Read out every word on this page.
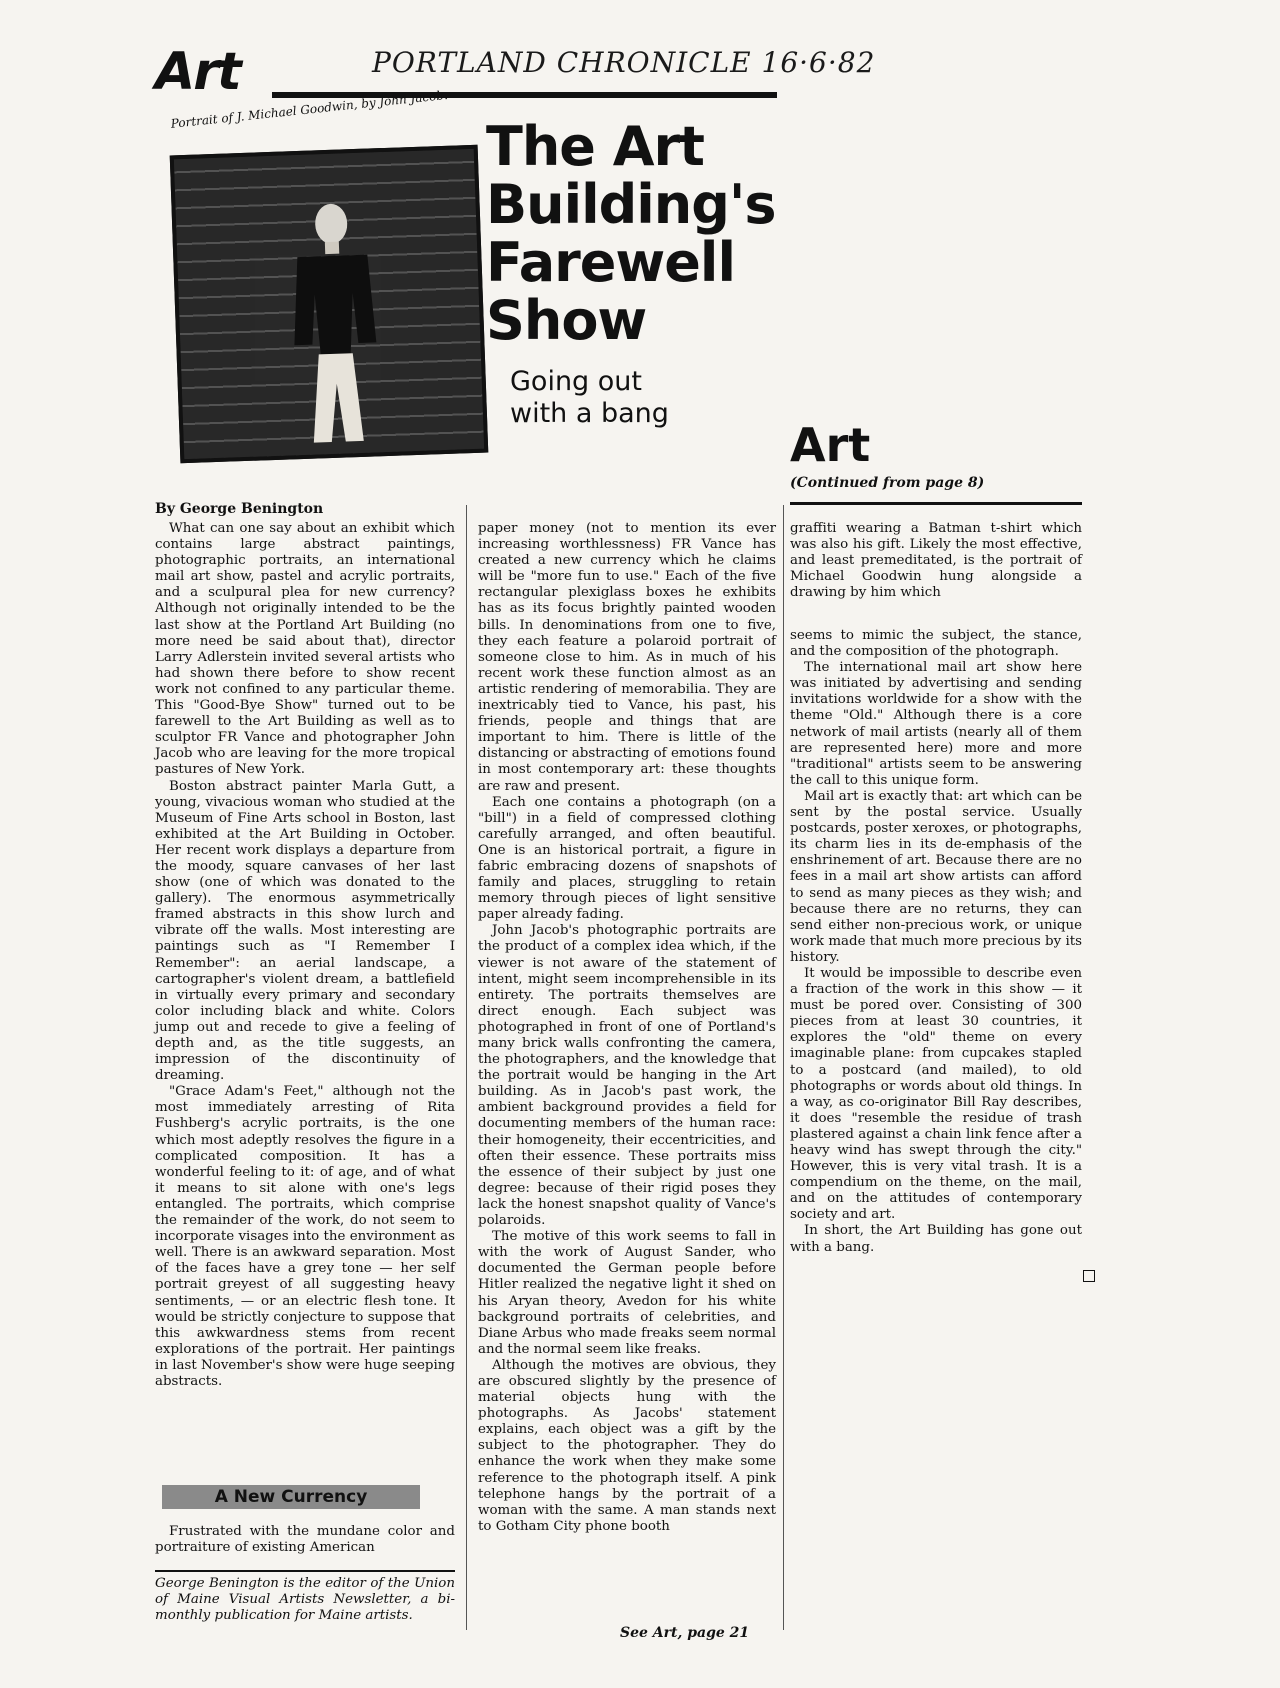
Art	PORTLAND CHRONICLE 16·6·82
Portrait of J. Michael Goodwin, by John Jacob.
The Art
Building's
Farewell
Show
Going out
with a bang
Art
(Continued from page 8)
By George Benington

What can one say about an exhibit which contains large abstract paintings, photographic portraits, an international mail art show, pastel and acrylic portraits, and a sculpural plea for new currency? Although not originally intended to be the last show at the Portland Art Building (no more need be said about that), director Larry Adlerstein invited several artists who had shown there before to show recent work not confined to any particular theme. This "Good-Bye Show" turned out to be farewell to the Art Building as well as to sculptor FR Vance and photographer John Jacob who are leaving for the more tropical pastures of New York.

Boston abstract painter Marla Gutt, a young, vivacious woman who studied at the Museum of Fine Arts school in Boston, last exhibited at the Art Building in October. Her recent work displays a departure from the moody, square canvases of her last show (one of which was donated to the gallery). The enormous asymmetrically framed abstracts in this show lurch and vibrate off the walls. Most interesting are paintings such as "I Remember I Remember": an aerial landscape, a cartographer's violent dream, a battlefield in virtually every primary and secondary color including black and white. Colors jump out and recede to give a feeling of depth and, as the title suggests, an impression of the discontinuity of dreaming.

"Grace Adam's Feet," although not the most immediately arresting of Rita Fushberg's acrylic portraits, is the one which most adeptly resolves the figure in a complicated composition. It has a wonderful feeling to it: of age, and of what it means to sit alone with one's legs entangled. The portraits, which comprise the remainder of the work, do not seem to incorporate visages into the environment as well. There is an awkward separation. Most of the faces have a grey tone — her self portrait greyest of all suggesting heavy sentiments, — or an electric flesh tone. It would be strictly conjecture to suppose that this awkwardness stems from recent explorations of the portrait. Her paintings in last November's show were huge seeping abstracts.

A New Currency

Frustrated with the mundane color and portraiture of existing American

George Benington is the editor of the Union of Maine Visual Artists Newsletter, a bi-monthly publication for Maine artists.

paper money (not to mention its ever increasing worthlessness) FR Vance has created a new currency which he claims will be "more fun to use." Each of the five rectangular plexiglass boxes he exhibits has as its focus brightly painted wooden bills. In denominations from one to five, they each feature a polaroid portrait of someone close to him. As in much of his recent work these function almost as an artistic rendering of memorabilia. They are inextricably tied to Vance, his past, his friends, people and things that are important to him. There is little of the distancing or abstracting of emotions found in most contemporary art: these thoughts are raw and present.

Each one contains a photograph (on a "bill") in a field of compressed clothing carefully arranged, and often beautiful. One is an historical portrait, a figure in fabric embracing dozens of snapshots of family and places, struggling to retain memory through pieces of light sensitive paper already fading.

John Jacob's photographic portraits are the product of a complex idea which, if the viewer is not aware of the statement of intent, might seem incomprehensible in its entirety. The portraits themselves are direct enough. Each subject was photographed in front of one of Portland's many brick walls confronting the camera, the photographers, and the knowledge that the portrait would be hanging in the Art building. As in Jacob's past work, the ambient background provides a field for documenting members of the human race: their homogeneity, their eccentricities, and often their essence. These portraits miss the essence of their subject by just one degree: because of their rigid poses they lack the honest snapshot quality of Vance's polaroids.

The motive of this work seems to fall in with the work of August Sander, who documented the German people before Hitler realized the negative light it shed on his Aryan theory, Avedon for his white background portraits of celebrities, and Diane Arbus who made freaks seem normal and the normal seem like freaks.

Although the motives are obvious, they are obscured slightly by the presence of material objects hung with the photographs. As Jacobs' statement explains, each object was a gift by the subject to the photographer. They do enhance the work when they make some reference to the photograph itself. A pink telephone hangs by the portrait of a woman with the same. A man stands next to Gotham City phone booth

See Art, page 21

graffiti wearing a Batman t-shirt which was also his gift. Likely the most effective, and least premeditated, is the portrait of Michael Goodwin hung alongside a drawing by him which

seems to mimic the subject, the stance, and the composition of the photograph.

The international mail art show here was initiated by advertising and sending invitations worldwide for a show with the theme "Old." Although there is a core network of mail artists (nearly all of them are represented here) more and more "traditional" artists seem to be answering the call to this unique form.

Mail art is exactly that: art which can be sent by the postal service. Usually postcards, poster xeroxes, or photographs, its charm lies in its de-emphasis of the enshrinement of art. Because there are no fees in a mail art show artists can afford to send as many pieces as they wish; and because there are no returns, they can send either non-precious work, or unique work made that much more precious by its history.

It would be impossible to describe even a fraction of the work in this show — it must be pored over. Consisting of 300 pieces from at least 30 countries, it explores the "old" theme on every imaginable plane: from cupcakes stapled to a postcard (and mailed), to old photographs or words about old things. In a way, as co-originator Bill Ray describes, it does "resemble the residue of trash plastered against a chain link fence after a heavy wind has swept through the city." However, this is very vital trash. It is a compendium on the theme, on the mail, and on the attitudes of contemporary society and art.

In short, the Art Building has gone out with a bang.
